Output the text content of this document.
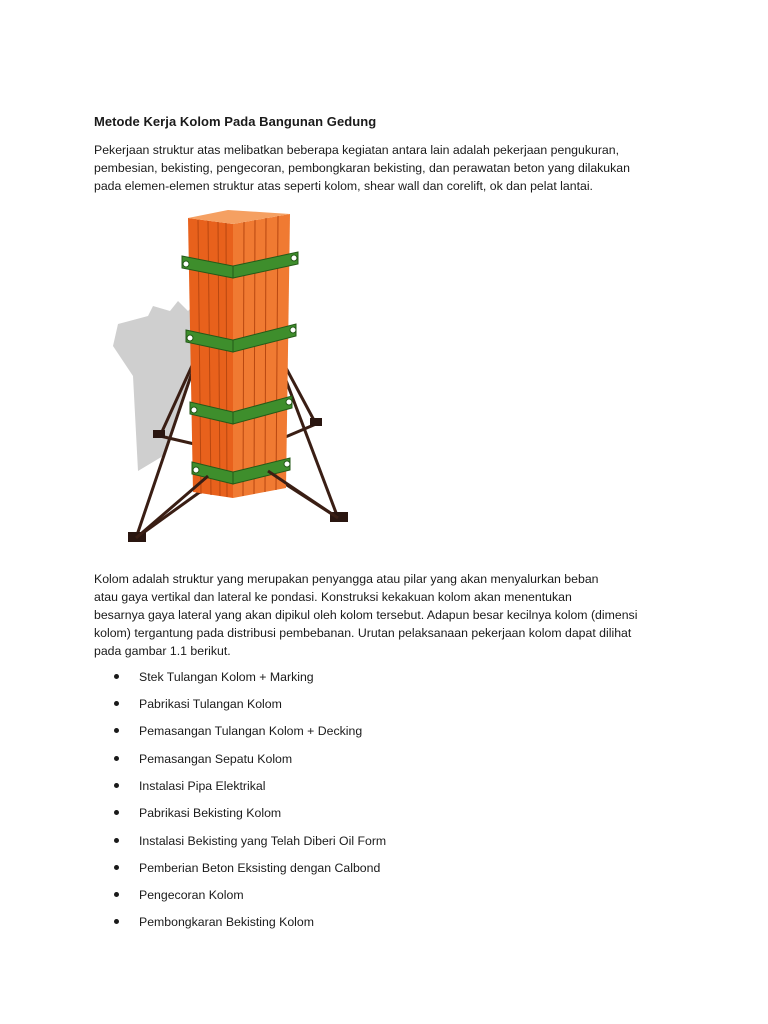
Metode Kerja Kolom Pada Bangunan Gedung
Pekerjaan struktur atas melibatkan beberapa kegiatan antara lain adalah pekerjaan pengukuran,
pembesian, bekisting, pengecoran, pembongkaran bekisting, dan perawatan beton yang dilakukan
pada elemen-elemen struktur atas seperti kolom, shear wall dan corelift, ok dan pelat lantai.
Kolom adalah struktur yang merupakan penyangga atau pilar yang akan menyalurkan beban
atau gaya vertikal dan lateral ke pondasi. Konstruksi kekakuan kolom akan menentukan
besarnya gaya lateral yang akan dipikul oleh kolom tersebut. Adapun besar kecilnya kolom (dimensi
kolom) tergantung pada distribusi pembebanan. Urutan pelaksanaan pekerjaan kolom dapat dilihat
pada gambar 1.1 berikut.
Stek Tulangan Kolom + Marking
Pabrikasi Tulangan Kolom
Pemasangan Tulangan Kolom + Decking
Pemasangan Sepatu Kolom
Instalasi Pipa Elektrikal
Pabrikasi Bekisting Kolom
Instalasi Bekisting yang Telah Diberi Oil Form
Pemberian Beton Eksisting dengan Calbond
Pengecoran Kolom
Pembongkaran Bekisting Kolom
